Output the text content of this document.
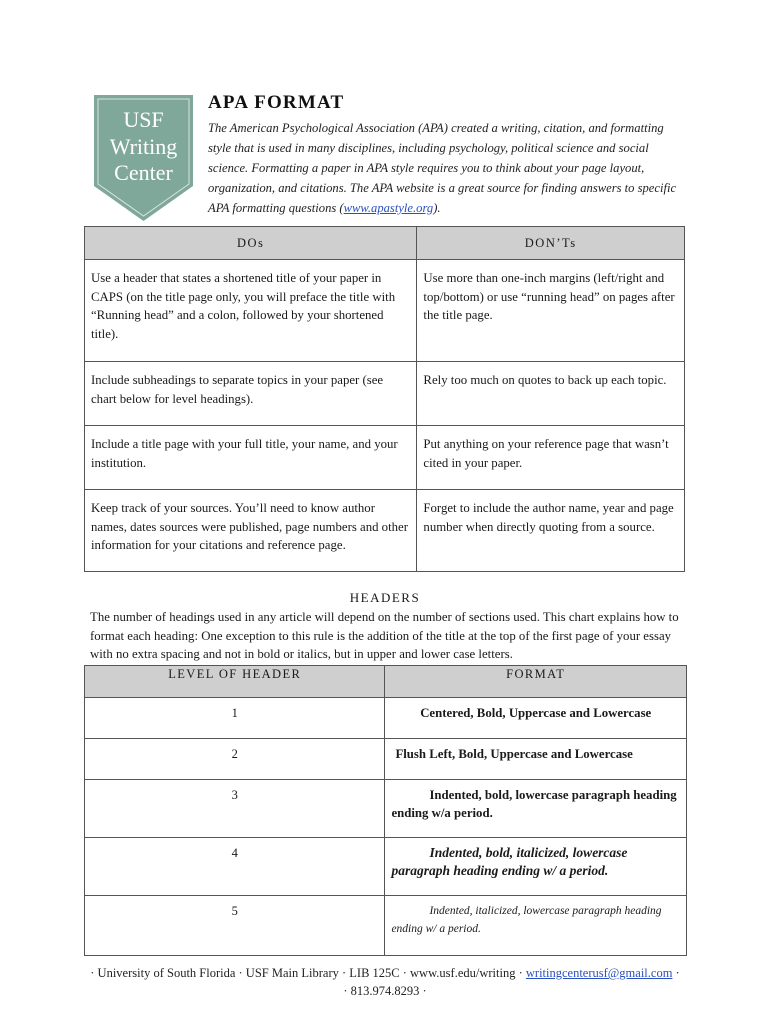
USF
Writing
Center
APA FORMAT
The American Psychological Association (APA) created a writing, citation, and formatting style that is used in many disciplines, including psychology, political science and social science. Formatting a paper in APA style requires you to think about your page layout, organization, and citations. The APA website is a great source for finding answers to specific APA formatting questions (www.apastyle.org).
DOs	DON’Ts

Use a header that states a shortened title of your paper in CAPS (on the title page only, you will preface the title with “Running head” and a colon, followed by your shortened title).	Use more than one-inch margins (left/right and top/bottom) or use “running head” on pages after the title page.

Include subheadings to separate topics in your paper (see chart below for level headings).	Rely too much on quotes to back up each topic.

Include a title page with your full title, your name, and your institution.	Put anything on your reference page that wasn’t cited in your paper.

Keep track of your sources. You’ll need to know author names, dates sources were published, page numbers and other information for your citations and reference page.	Forget to include the author name, year and page number when directly quoting from a source.
HEADERS
The number of headings used in any article will depend on the number of sections used. This chart explains how to format each heading: One exception to this rule is the addition of the title at the top of the first page of your essay with no extra spacing and not in bold or italics, but in upper and lower case letters.
LEVEL OF HEADER	FORMAT
1	Centered, Bold, Uppercase and Lowercase

2	Flush Left, Bold, Uppercase and Lowercase

3	Indented, bold, lowercase paragraph heading ending w/a period.

4	Indented, bold, italicized, lowercase paragraph heading ending w/ a period.

5	Indented, italicized, lowercase paragraph heading ending w/ a period.
· University of South Florida · USF Main Library · LIB 125C · www.usf.edu/writing · writingcenterusf@gmail.com ·
· 813.974.8293 ·
